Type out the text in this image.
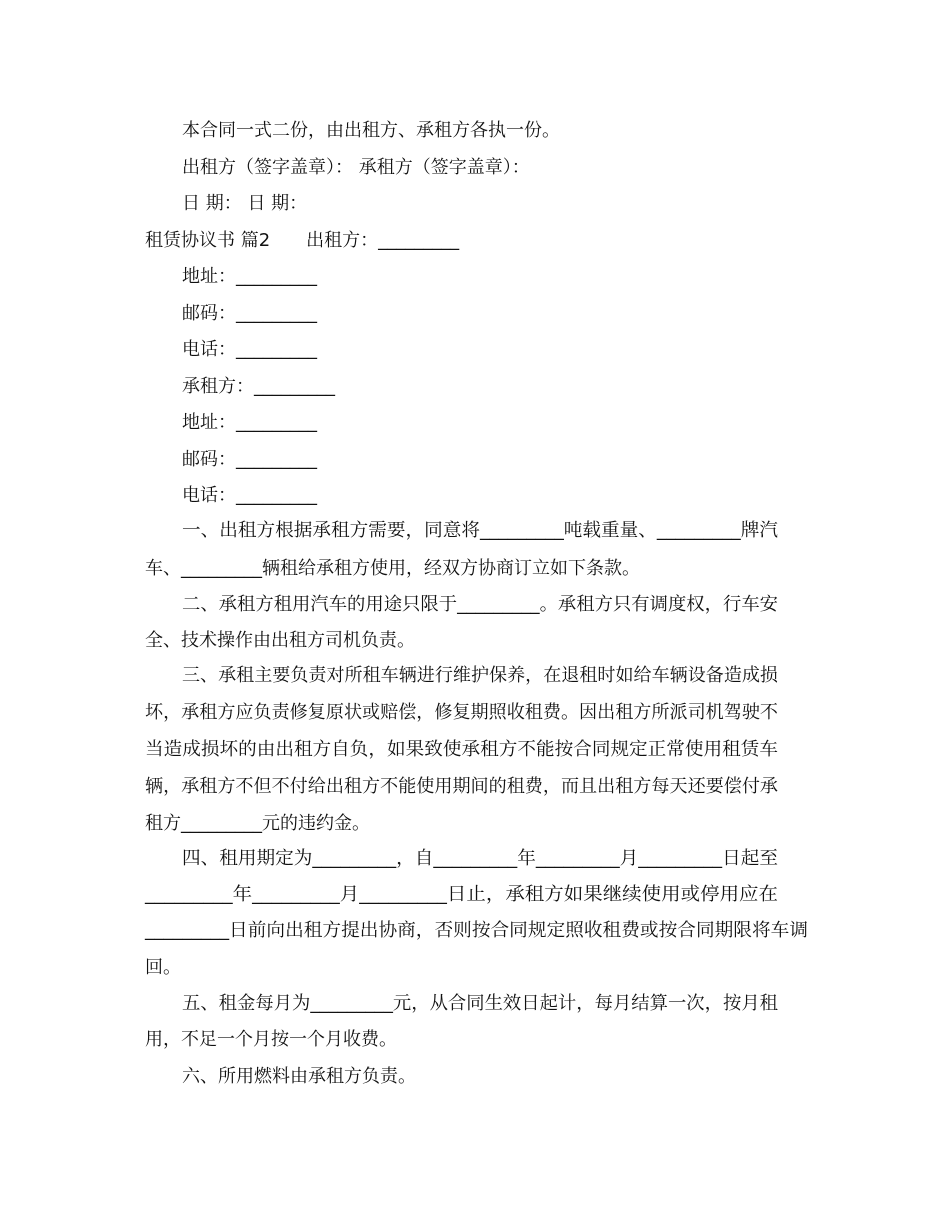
本合同一式二份，由出租方、承租方各执一份。
出租方（签字盖章）： 承租方（签字盖章）：
日 期： 日 期：
租赁协议书 篇2　　出租方：_________
地址：_________
邮码：_________
电话：_________
承租方：_________
地址：_________
邮码：_________
电话：_________
一、出租方根据承租方需要，同意将_________吨载重量、_________牌汽
车、_________辆租给承租方使用，经双方协商订立如下条款。
二、承租方租用汽车的用途只限于_________。承租方只有调度权，行车安
全、技术操作由出租方司机负责。
三、承租主要负责对所租车辆进行维护保养，在退租时如给车辆设备造成损
坏，承租方应负责修复原状或赔偿，修复期照收租费。因出租方所派司机驾驶不
当造成损坏的由出租方自负，如果致使承租方不能按合同规定正常使用租赁车
辆，承租方不但不付给出租方不能使用期间的租费，而且出租方每天还要偿付承
租方_________元的违约金。
四、租用期定为_________，自_________年_________月_________日起至
_________年_________月_________日止，承租方如果继续使用或停用应在
_________日前向出租方提出协商，否则按合同规定照收租费或按合同期限将车调
回。
五、租金每月为_________元，从合同生效日起计，每月结算一次，按月租
用，不足一个月按一个月收费。
六、所用燃料由承租方负责。
